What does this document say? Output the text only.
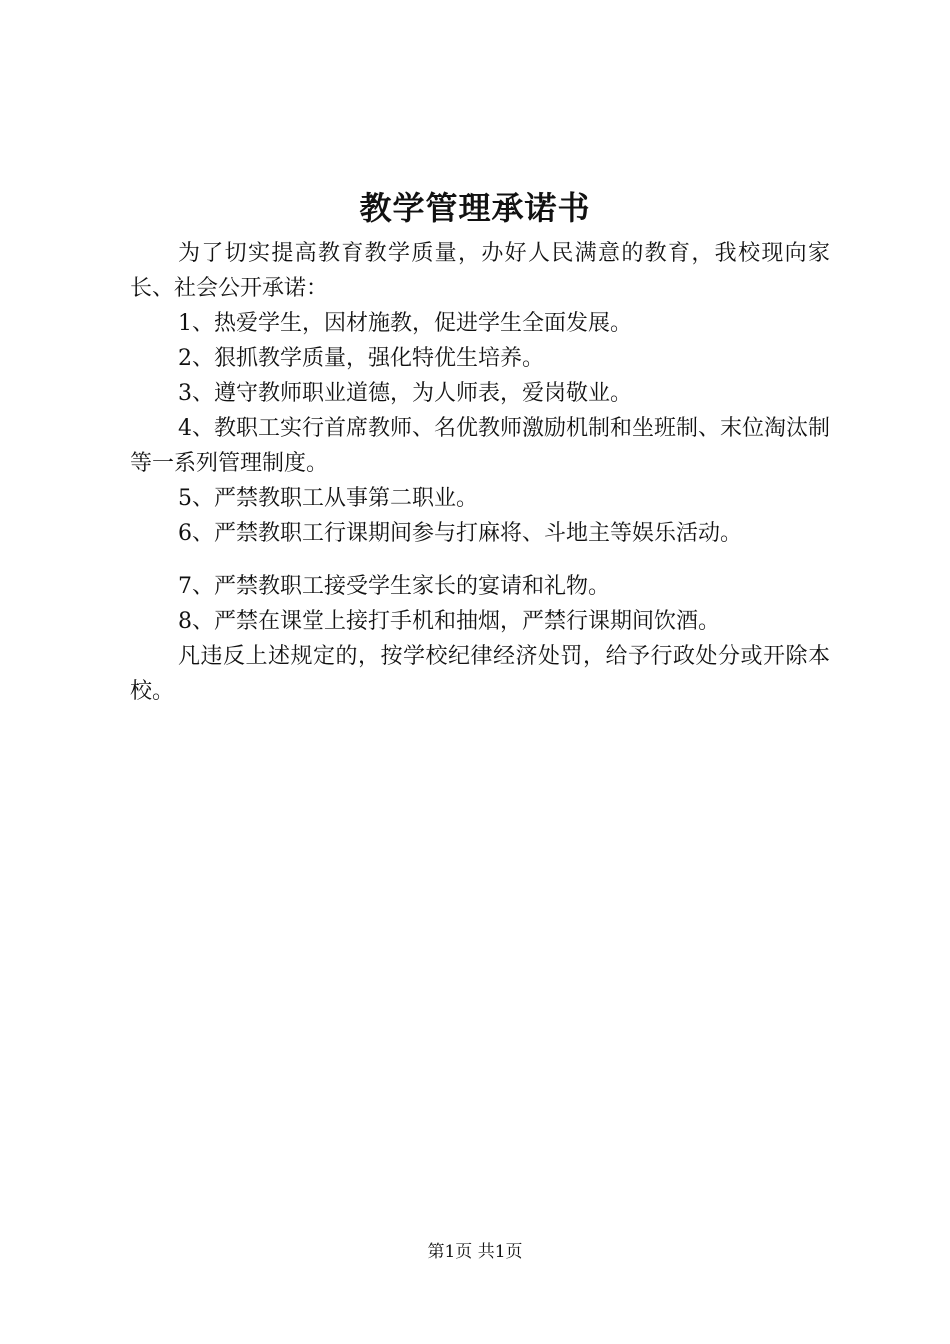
教学管理承诺书

为了切实提高教育教学质量，办好人民满意的教育，我校现向家长、社会公开承诺：

1、热爱学生，因材施教，促进学生全面发展。

2、狠抓教学质量，强化特优生培养。

3、遵守教师职业道德，为人师表，爱岗敬业。

4、教职工实行首席教师、名优教师激励机制和坐班制、末位淘汰制等一系列管理制度。

5、严禁教职工从事第二职业。

6、严禁教职工行课期间参与打麻将、斗地主等娱乐活动。

7、严禁教职工接受学生家长的宴请和礼物。

8、严禁在课堂上接打手机和抽烟，严禁行课期间饮酒。

凡违反上述规定的，按学校纪律经济处罚，给予行政处分或开除本校。

第1页 共1页
